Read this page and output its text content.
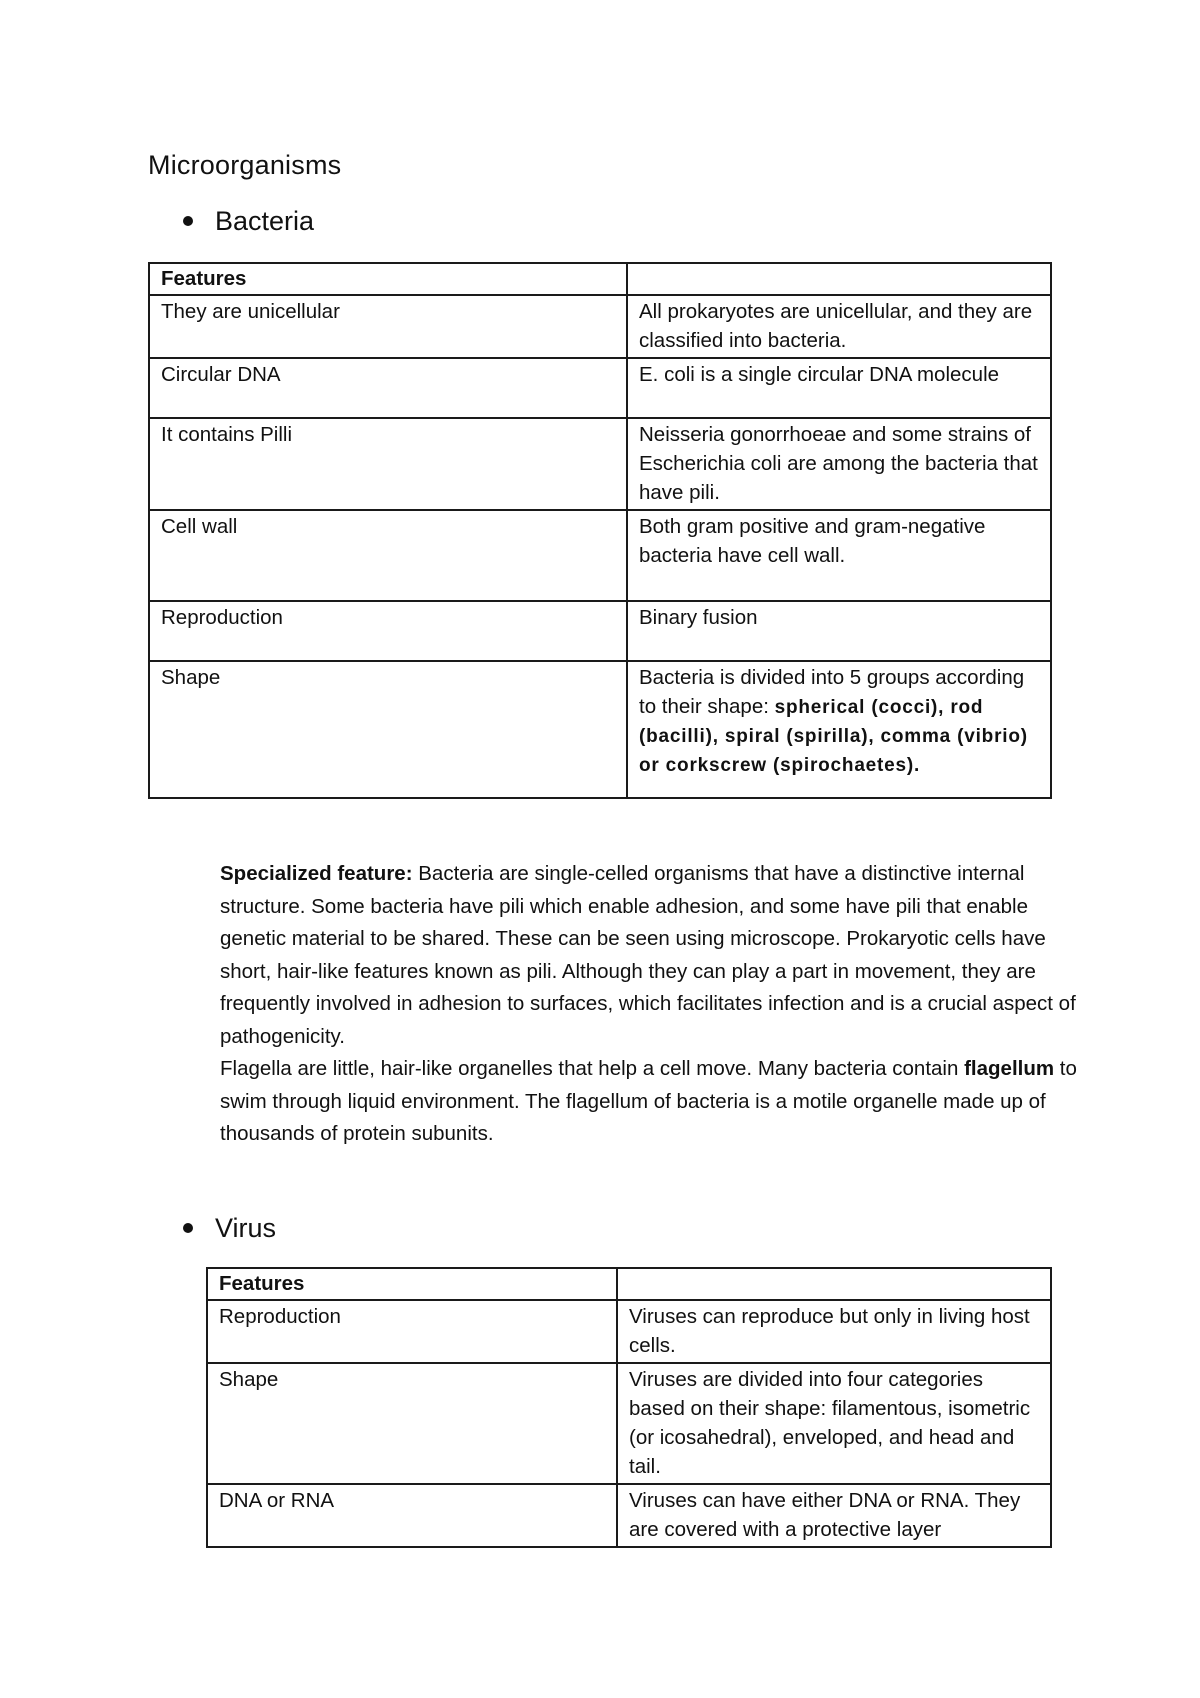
Microorganisms
Bacteria
Features	
They are unicellular	All prokaryotes are unicellular, and they are classified into bacteria.
Circular DNA	E. coli is a single circular DNA molecule
It contains Pilli	Neisseria gonorrhoeae and some strains of Escherichia coli are among the bacteria that have pili.
Cell wall	Both gram positive and gram-negative bacteria have cell wall.
Reproduction	Binary fusion
Shape	Bacteria is divided into 5 groups according to their shape: spherical (cocci), rod (bacilli), spiral (spirilla), comma (vibrio) or corkscrew (spirochaetes).

Specialized feature: Bacteria are single-celled organisms that have a distinctive internal structure. Some bacteria have pili which enable adhesion, and some have pili that enable genetic material to be shared. These can be seen using microscope. Prokaryotic cells have short, hair-like features known as pili. Although they can play a part in movement, they are frequently involved in adhesion to surfaces, which facilitates infection and is a crucial aspect of pathogenicity.

Flagella are little, hair-like organelles that help a cell move. Many bacteria contain flagellum to swim through liquid environment. The flagellum of bacteria is a motile organelle made up of thousands of protein subunits.

Virus
Features	
Reproduction	Viruses can reproduce but only in living host cells.
Shape	Viruses are divided into four categories based on their shape: filamentous, isometric (or icosahedral), enveloped, and head and tail.
DNA or RNA	Viruses can have either DNA or RNA. They are covered with a protective layer
